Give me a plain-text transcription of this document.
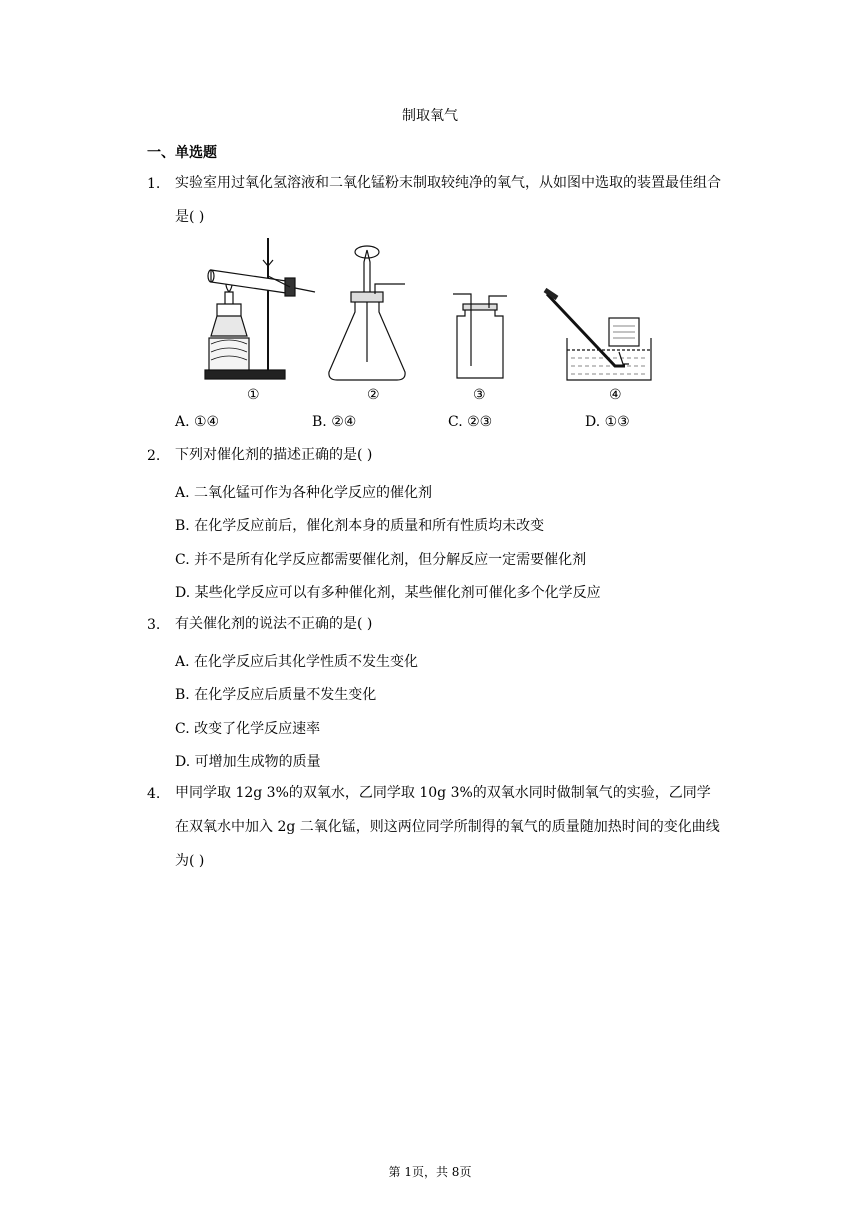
制取氧气
一、单选题
1. 实验室用过氧化氢溶液和二氧化锰粉末制取较纯净的氧气，从如图中选取的装置最佳组合是( )
①	②	③	④
A. ①④	B. ②④	C. ②③	D. ①③
2. 下列对催化剂的描述正确的是( )
A. 二氧化锰可作为各种化学反应的催化剂
B. 在化学反应前后，催化剂本身的质量和所有性质均未改变
C. 并不是所有化学反应都需要催化剂，但分解反应一定需要催化剂
D. 某些化学反应可以有多种催化剂，某些催化剂可催化多个化学反应
3. 有关催化剂的说法不正确的是( )
A. 在化学反应后其化学性质不发生变化
B. 在化学反应后质量不发生变化
C. 改变了化学反应速率
D. 可增加生成物的质量
4. 甲同学取 12g 3%的双氧水，乙同学取 10g 3%的双氧水同时做制氧气的实验，乙同学在双氧水中加入 2g 二氧化锰，则这两位同学所制得的氧气的质量随加热时间的变化曲线为( )
第 1页，共 8页
